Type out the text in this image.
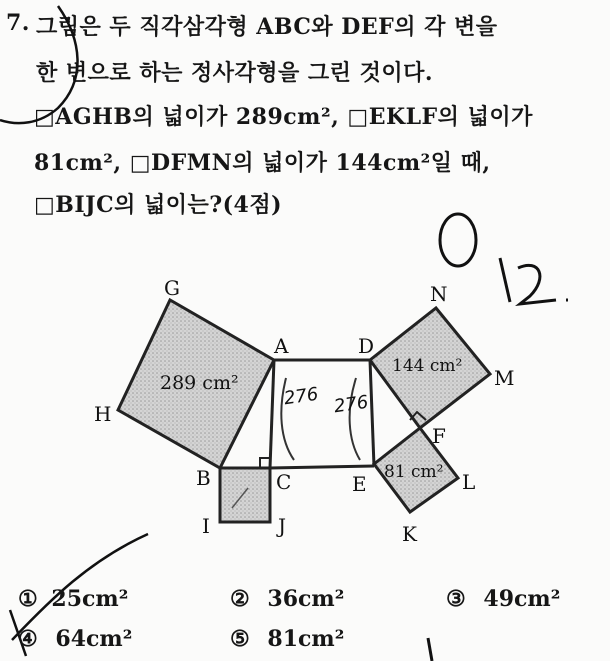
7. 그림은 두 직각삼각형 ABC와 DEF의 각 변을
한 변으로 하는 정사각형을 그린 것이다.
□AGHB의 넓이가 289cm², □EKLF의 넓이가
81cm², □DFMN의 넓이가 144cm²일 때,
□BIJC의 넓이는?(4점)
G
A	D
N
M
H
F
B	C	E	L
I	J	K
289 cm²
144 cm²
81 cm²
276 276
① 25cm²	② 36cm²	③ 49cm²
④ 64cm²	⑤ 81cm²
